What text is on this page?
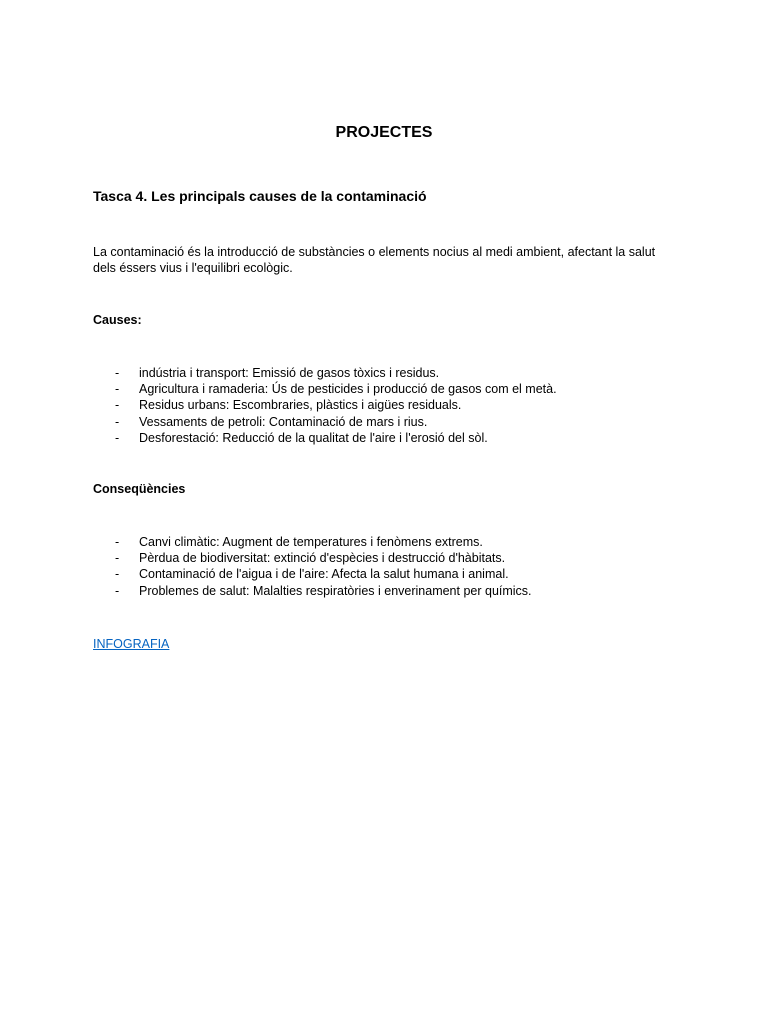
PROJECTES
Tasca 4. Les principals causes de la contaminació

La contaminació és la introducció de substàncies o elements nocius al medi ambient, afectant la salut dels éssers vius i l'equilibri ecològic.

Causes:

- indústria i transport: Emissió de gasos tòxics i residus.
- Agricultura i ramaderia: Ús de pesticides i producció de gasos com el metà.
- Residus urbans: Escombraries, plàstics i aigües residuals.
- Vessaments de petroli: Contaminació de mars i rius.
- Desforestació: Reducció de la qualitat de l'aire i l'erosió del sòl.

Conseqüències

- Canvi climàtic: Augment de temperatures i fenòmens extrems.
- Pèrdua de biodiversitat: extinció d'espècies i destrucció d'hàbitats.
- Contaminació de l'aigua i de l'aire: Afecta la salut humana i animal.
- Problemes de salut: Malalties respiratòries i enverinament per químics.
INFOGRAFIA
